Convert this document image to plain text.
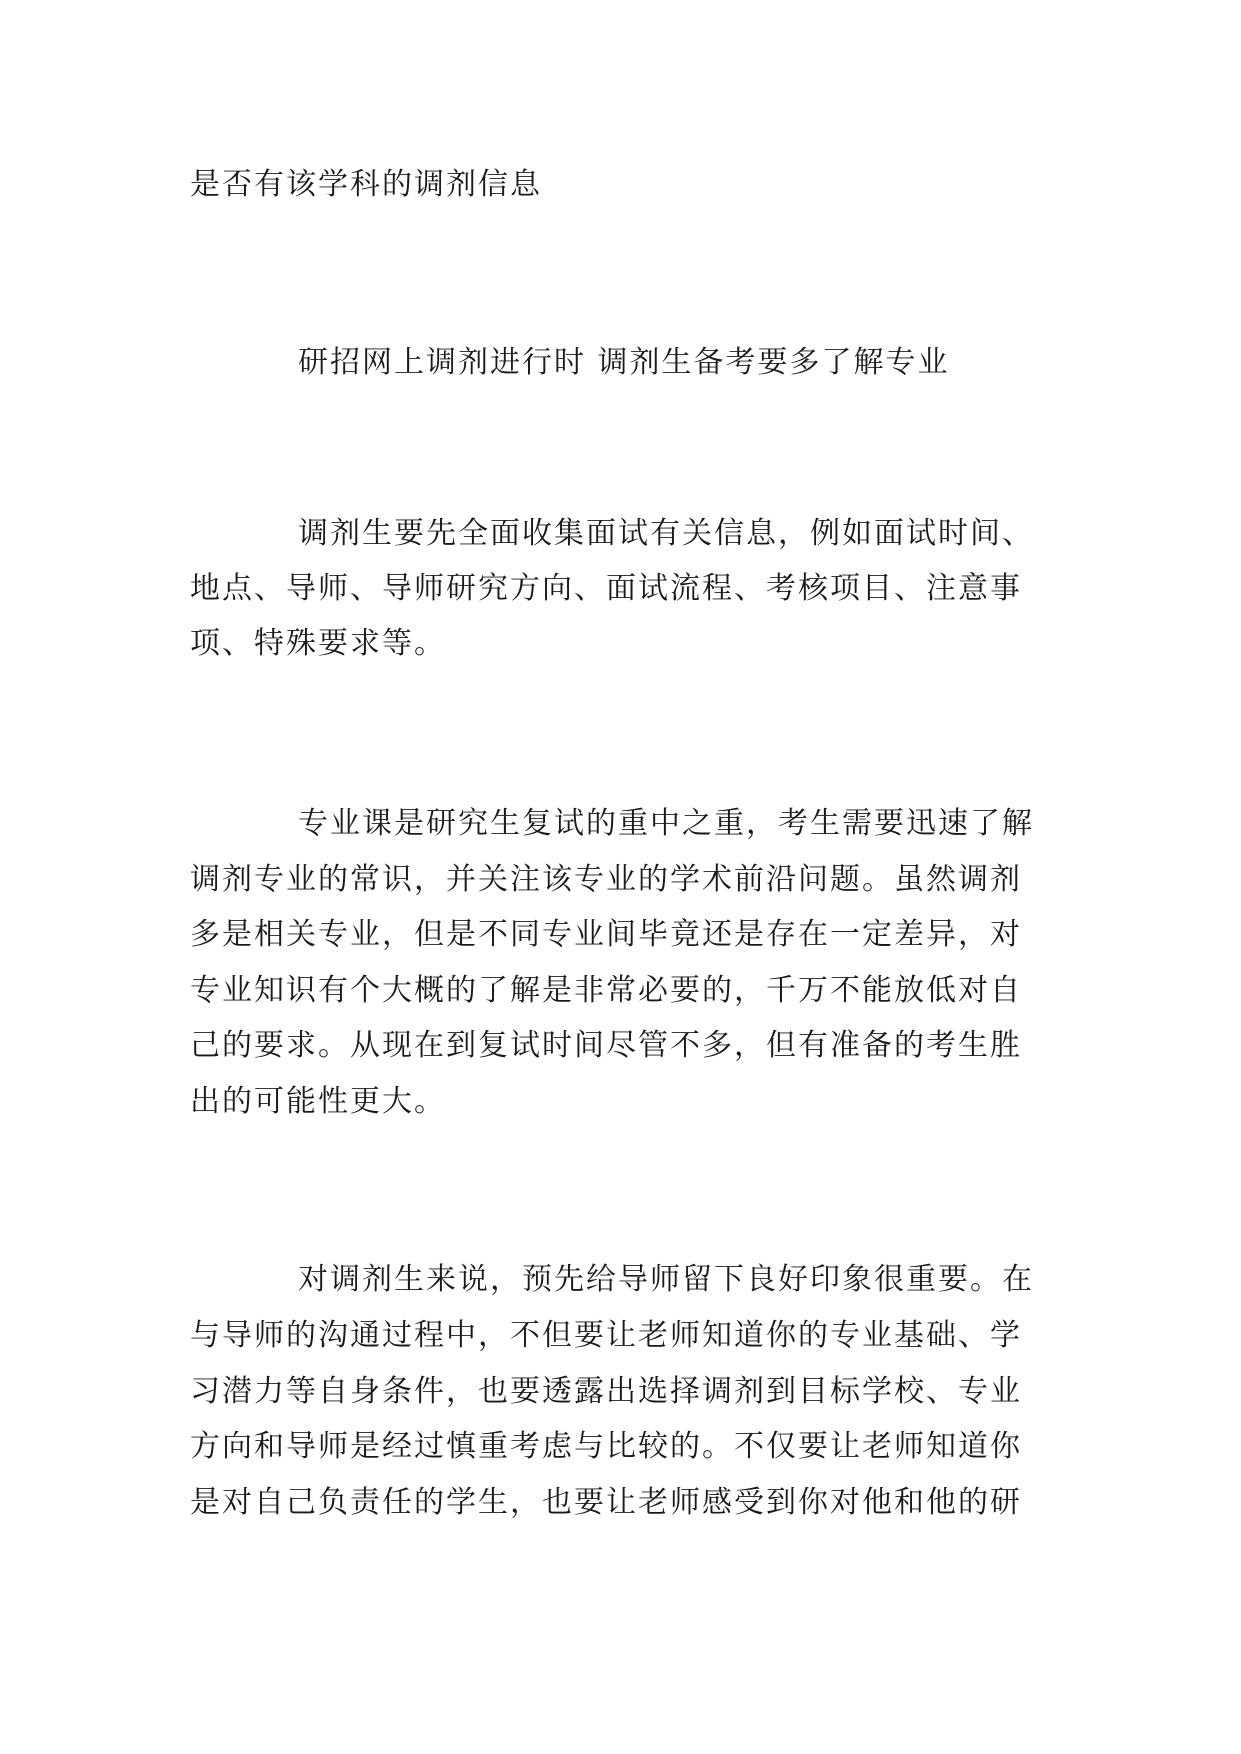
是否有该学科的调剂信息
研招网上调剂进行时 调剂生备考要多了解专业
调剂生要先全面收集面试有关信息，例如面试时间、
地点、导师、导师研究方向、面试流程、考核项目、注意事
项、特殊要求等。
专业课是研究生复试的重中之重，考生需要迅速了解
调剂专业的常识，并关注该专业的学术前沿问题。虽然调剂
多是相关专业，但是不同专业间毕竟还是存在一定差异，对
专业知识有个大概的了解是非常必要的，千万不能放低对自
己的要求。从现在到复试时间尽管不多，但有准备的考生胜
出的可能性更大。
对调剂生来说，预先给导师留下良好印象很重要。在
与导师的沟通过程中，不但要让老师知道你的专业基础、学
习潜力等自身条件，也要透露出选择调剂到目标学校、专业
方向和导师是经过慎重考虑与比较的。不仅要让老师知道你
是对自己负责任的学生，也要让老师感受到你对他和他的研
